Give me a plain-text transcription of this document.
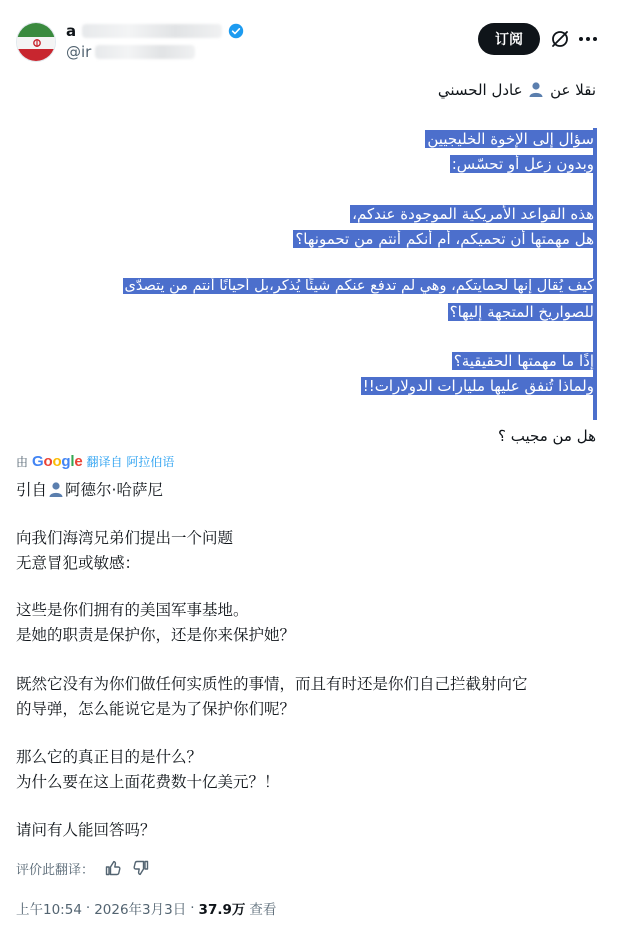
a
@ir
订阅
نقلا عن  عادل الحسني
سؤال إلى الإخوة الخليجيين
وبدون زعل أو تحسّس:
هذه القواعد الأمريكية الموجودة عندكم،
هل مهمتها أن تحميكم، أم أنكم أنتم من تحمونها؟
كيف يُقال إنها لحمايتكم، وهي لم تدفع عنكم شيئًا يُذكر،بل أحيانًا أنتم من يتصدّى
للصواريخ المتجهة إليها؟
إذًا ما مهمتها الحقيقية؟
ولماذا تُنفق عليها مليارات الدولارات!!
هل من مجيب ؟
由 Google 翻译自 阿拉伯语
引自 阿德尔·哈萨尼
向我们海湾兄弟们提出一个问题
无意冒犯或敏感：
这些是你们拥有的美国军事基地。
是她的职责是保护你，还是你来保护她？
既然它没有为你们做任何实质性的事情，而且有时还是你们自己拦截射向它
的导弹，怎么能说它是为了保护你们呢？
那么它的真正目的是什么？
为什么要在这上面花费数十亿美元？！
请问有人能回答吗？
评价此翻译：
上午10:54 · 2026年3月3日 · 37.9万 查看
